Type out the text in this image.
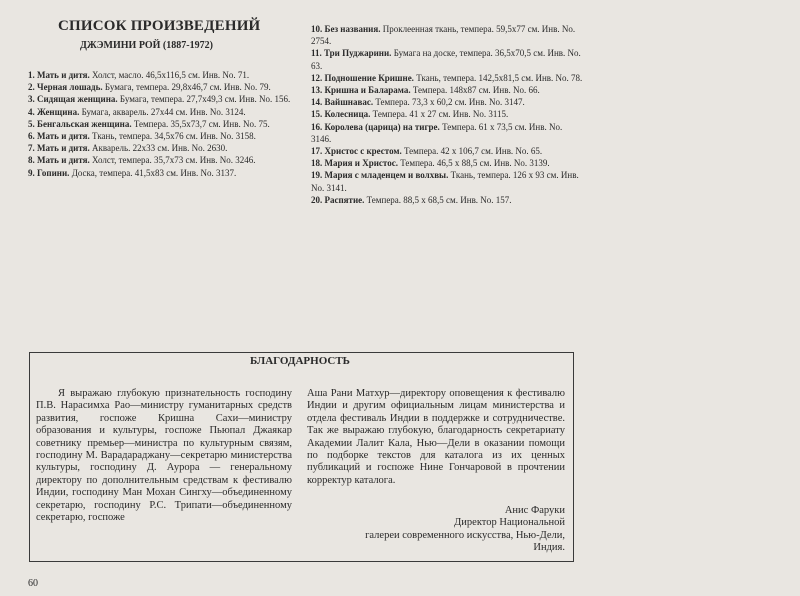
СПИСОК ПРОИЗВЕДЕНИЙ
ДЖЭМИНИ РОЙ (1887-1972)

1. Мать и дитя. Холст, масло. 46,5х116,5 см. Инв. No. 71.

2. Черная лошадь. Бумага, темпера. 29,8х46,7 см. Инв. No. 79.

3. Сидящая женщина. Бумага, темпера. 27,7х49,3 см. Инв. No. 156.

4. Женщина. Бумага, акварель. 27х44 см. Инв. No. 3124.

5. Бенгальская женщина. Темпера. 35,5х73,7 см. Инв. No. 75.

6. Мать и дитя. Ткань, темпера. 34,5х76 см. Инв. No. 3158.

7. Мать и дитя. Акварель. 22х33 см. Инв. No. 2630.

8. Мать и дитя. Холст, темпера. 35,7х73 см. Инв. No. 3246.

9. Гопини. Доска, темпера. 41,5х83 см. Инв. No. 3137.

10. Без названия. Проклеенная ткань, темпера. 59,5х77 см. Инв. No. 2754.

11. Три Пуджарини. Бумага на доске, темпера. 36,5х70,5 см. Инв. No. 63.

12. Подношение Кришне. Ткань, темпера. 142,5х81,5 см. Инв. No. 78.

13. Кришна и Баларама. Темпера. 148х87 см. Инв. No. 66.

14. Вайшнавас. Темпера. 73,3 х 60,2 см. Инв. No. 3147.

15. Колесница. Темпера. 41 х 27 см. Инв. No. 3115.

16. Королева (царица) на тигре. Темпера. 61 х 73,5 см. Инв. No. 3146.

17. Христос с крестом. Темпера. 42 х 106,7 см. Инв. No. 65.

18. Мария и Христос. Темпера. 46,5 х 88,5 см. Инв. No. 3139.

19. Мария с младенцем и волхвы. Ткань, темпера. 126 х 93 см. Инв. No. 3141.

20. Распятие. Темпера. 88,5 х 68,5 см. Инв. No. 157.

БЛАГОДАРНОСТЬ
Я выражаю глубокую признательность господину П.В. Нарасимха Рао—министру гуманитарных средств развития, госпоже Кришна Сахи—министру образования и культуры, госпоже Пьюпал Джаякар советнику премьер—министра по культурным связям, господину М. Варадараджану—секретарю министерства культуры, господину Д. Аурора — генеральному директору по дополнительным средствам к фестивалю Индии, господину Ман Мохан Сингху—объединенному секретарю, господину Р.С. Трипати—объединенному секретарю, госпоже
Аша Рани Матхур—директору оповещения к фестивалю Индии и другим официальным лицам министерства и отдела фестиваль Индии в поддержке и сотрудничестве. Так же выражаю глубокую, благодарность секретариату Академии Лалит Кала, Нью—Дели в оказании помощи по подборке текстов для каталога из их ценных публикаций и госпоже Нине Гончаровой в прочтении корректур каталога.
Анис Фаруки
Директор Национальной
галереи современного искусства, Нью-Дели,
Индия.
60
